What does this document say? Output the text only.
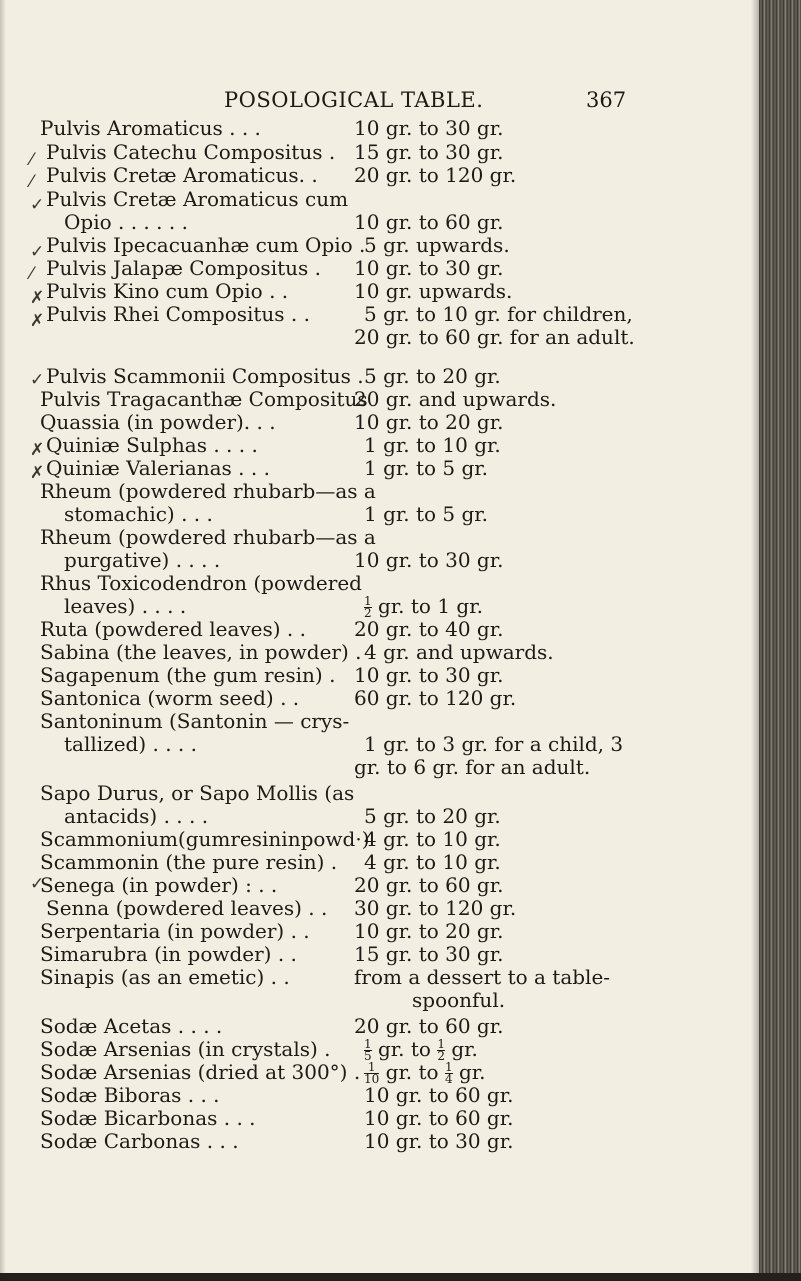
POSOLOGICAL TABLE.	367
⁄
⁄
✓
✓
⁄
✗
✗
✓
✗
✗
✓
Pulvis Aromaticus . . .
Pulvis Catechu Compositus .
Pulvis Cretæ Aromaticus. .
Pulvis Cretæ Aromaticus cum
Opio . . . . . .
Pulvis Ipecacuanhæ cum Opio .
Pulvis Jalapæ Compositus .
Pulvis Kino cum Opio . .
Pulvis Rhei Compositus . .
Pulvis Scammonii Compositus .
Pulvis Tragacanthæ Compositus
Quassia (in powder). . .
Quiniæ Sulphas . . . .
Quiniæ Valerianas . . .
Rheum (powdered rhubarb—as a
stomachic) . . .
Rheum (powdered rhubarb—as a
purgative) . . . .
Rhus Toxicodendron (powdered
leaves) . . . .
Ruta (powdered leaves) . .
Sabina (the leaves, in powder) .
Sagapenum (the gum resin) .
Santonica (worm seed) . .
Santoninum (Santonin — crys-
tallized) . . . .
Sapo Durus, or Sapo Mollis (as
antacids) . . . .
Scammonium(gumresininpowd·)
Scammonin (the pure resin) .
Senega (in powder) : . .
Senna (powdered leaves) . .
Serpentaria (in powder) . .
Simarubra (in powder) . .
Sinapis (as an emetic) . .
Sodæ Acetas . . . .
Sodæ Arsenias (in crystals) .
Sodæ Arsenias (dried at 300°) .
Sodæ Biboras . . .
Sodæ Bicarbonas . . .
Sodæ Carbonas . . .
10 gr. to 30 gr.
15 gr. to 30 gr.
20 gr. to 120 gr.
10 gr. to 60 gr.
5 gr. upwards.
10 gr. to 30 gr.
10 gr. upwards.
5 gr. to 10 gr. for children,
20 gr. to 60 gr. for an adult.
5 gr. to 20 gr.
20 gr. and upwards.
10 gr. to 20 gr.
1 gr. to 10 gr.
1 gr. to 5 gr.
1 gr. to 5 gr.
10 gr. to 30 gr.
$\frac{1}{2}$ gr. to 1 gr.
20 gr. to 40 gr.
4 gr. and upwards.
10 gr. to 30 gr.
60 gr. to 120 gr.
1 gr. to 3 gr. for a child, 3
gr. to 6 gr. for an adult.
5 gr. to 20 gr.
4 gr. to 10 gr.
4 gr. to 10 gr.
20 gr. to 60 gr.
30 gr. to 120 gr.
10 gr. to 20 gr.
15 gr. to 30 gr.
from a dessert to a table-
spoonful.
20 gr. to 60 gr.
$\frac{1}{5}$ gr. to $\frac{1}{2}$ gr.
$\frac{1}{10}$ gr. to $\frac{1}{4}$ gr.
10 gr. to 60 gr.
10 gr. to 60 gr.
10 gr. to 30 gr.
